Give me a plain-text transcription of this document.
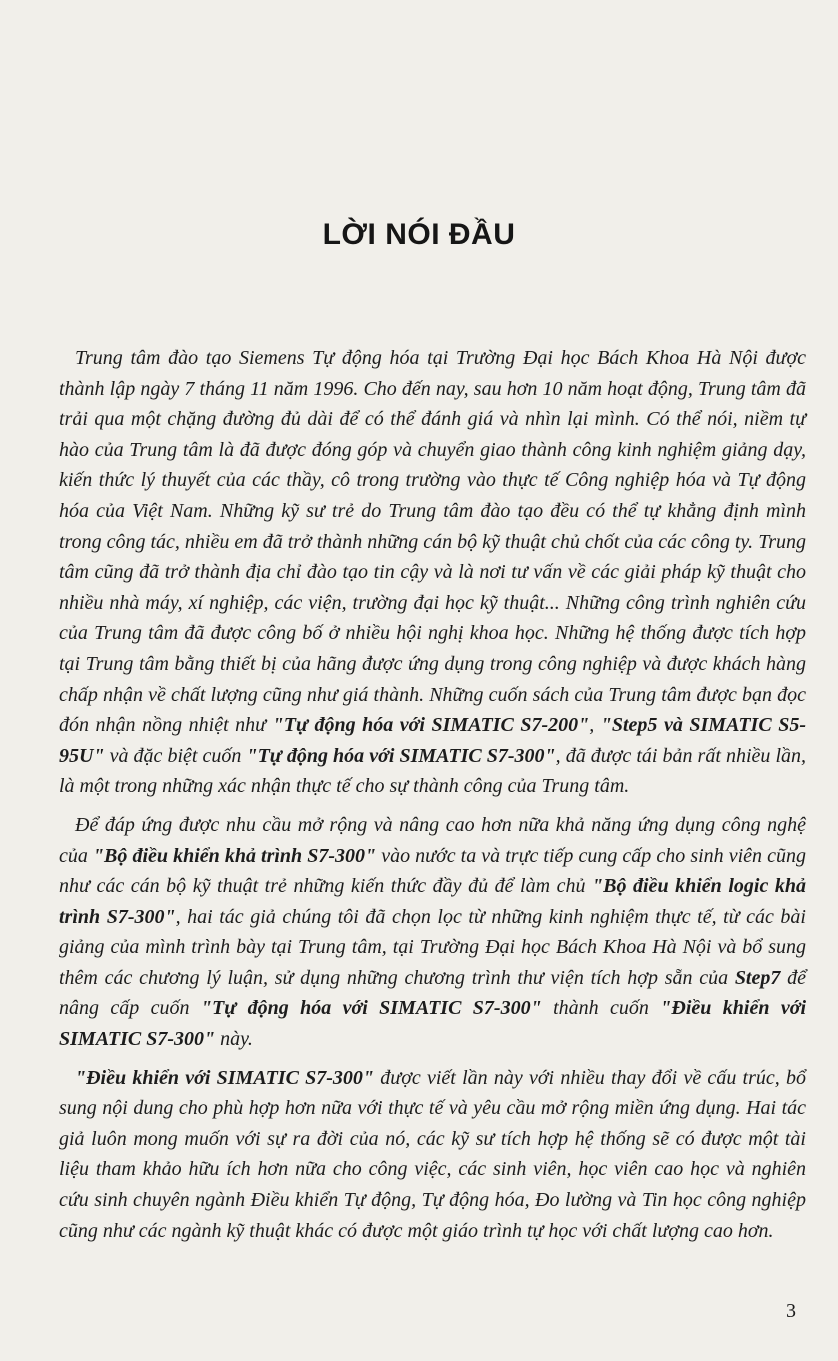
LỜI NÓI ĐẦU

Trung tâm đào tạo Siemens Tự động hóa tại Trường Đại học Bách Khoa Hà Nội được thành lập ngày 7 tháng 11 năm 1996. Cho đến nay, sau hơn 10 năm hoạt động, Trung tâm đã trải qua một chặng đường đủ dài để có thể đánh giá và nhìn lại mình. Có thể nói, niềm tự hào của Trung tâm là đã được đóng góp và chuyển giao thành công kinh nghiệm giảng dạy, kiến thức lý thuyết của các thầy, cô trong trường vào thực tế Công nghiệp hóa và Tự động hóa của Việt Nam. Những kỹ sư trẻ do Trung tâm đào tạo đều có thể tự khẳng định mình trong công tác, nhiều em đã trở thành những cán bộ kỹ thuật chủ chốt của các công ty. Trung tâm cũng đã trở thành địa chỉ đào tạo tin cậy và là nơi tư vấn về các giải pháp kỹ thuật cho nhiều nhà máy, xí nghiệp, các viện, trường đại học kỹ thuật... Những công trình nghiên cứu của Trung tâm đã được công bố ở nhiều hội nghị khoa học. Những hệ thống được tích hợp tại Trung tâm bằng thiết bị của hãng được ứng dụng trong công nghiệp và được khách hàng chấp nhận về chất lượng cũng như giá thành. Những cuốn sách của Trung tâm được bạn đọc đón nhận nồng nhiệt như "Tự động hóa với SIMATIC S7-200", "Step5 và SIMATIC S5-95U" và đặc biệt cuốn "Tự động hóa với SIMATIC S7-300", đã được tái bản rất nhiều lần, là một trong những xác nhận thực tế cho sự thành công của Trung tâm.

Để đáp ứng được nhu cầu mở rộng và nâng cao hơn nữa khả năng ứng dụng công nghệ của "Bộ điều khiển khả trình S7-300" vào nước ta và trực tiếp cung cấp cho sinh viên cũng như các cán bộ kỹ thuật trẻ những kiến thức đầy đủ để làm chủ "Bộ điều khiển logic khả trình S7-300", hai tác giả chúng tôi đã chọn lọc từ những kinh nghiệm thực tế, từ các bài giảng của mình trình bày tại Trung tâm, tại Trường Đại học Bách Khoa Hà Nội và bổ sung thêm các chương lý luận, sử dụng những chương trình thư viện tích hợp sẵn của Step7 để nâng cấp cuốn "Tự động hóa với SIMATIC S7-300" thành cuốn "Điều khiển với SIMATIC S7-300" này.

"Điều khiển với SIMATIC S7-300" được viết lần này với nhiều thay đổi về cấu trúc, bổ sung nội dung cho phù hợp hơn nữa với thực tế và yêu cầu mở rộng miền ứng dụng. Hai tác giả luôn mong muốn với sự ra đời của nó, các kỹ sư tích hợp hệ thống sẽ có được một tài liệu tham khảo hữu ích hơn nữa cho công việc, các sinh viên, học viên cao học và nghiên cứu sinh chuyên ngành Điều khiển Tự động, Tự động hóa, Đo lường và Tin học công nghiệp cũng như các ngành kỹ thuật khác có được một giáo trình tự học với chất lượng cao hơn.

3
